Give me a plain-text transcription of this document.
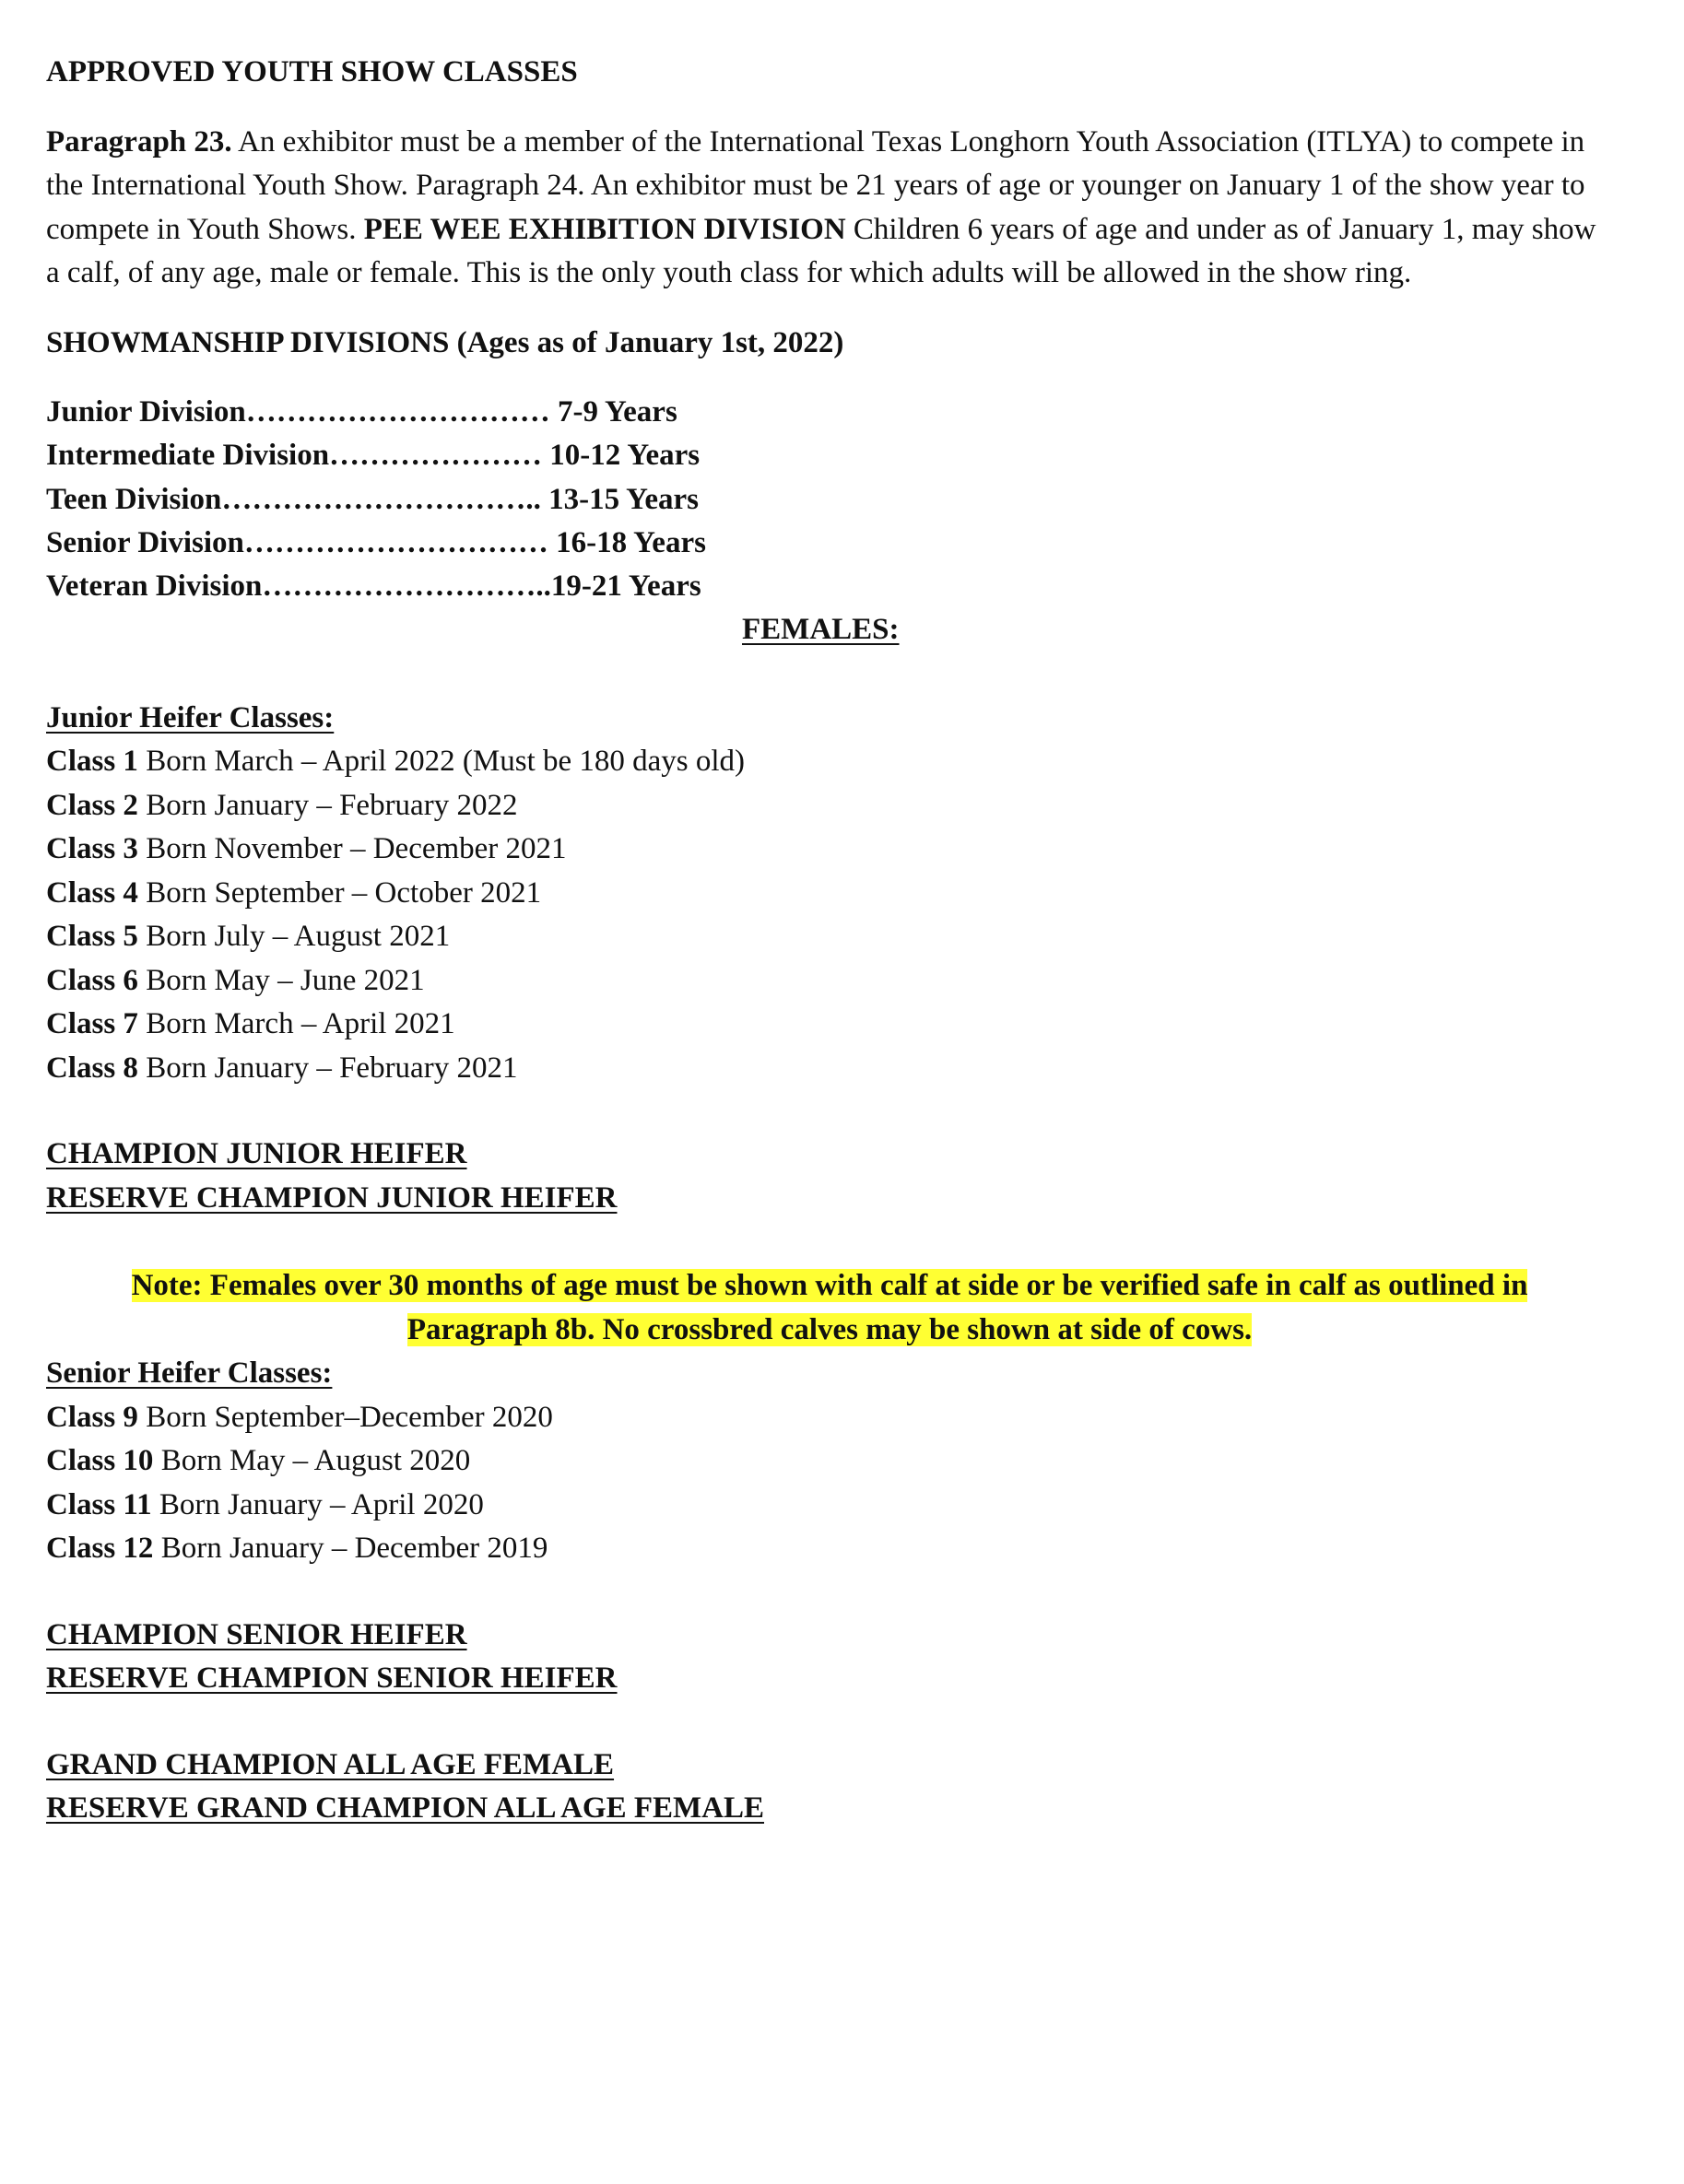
APPROVED YOUTH SHOW CLASSES

Paragraph 23. An exhibitor must be a member of the International Texas Longhorn Youth Association (ITLYA) to compete in the International Youth Show. Paragraph 24. An exhibitor must be 21 years of age or younger on January 1 of the show year to compete in Youth Shows. PEE WEE EXHIBITION DIVISION Children 6 years of age and under as of January 1, may show a calf, of any age, male or female. This is the only youth class for which adults will be allowed in the show ring.

SHOWMANSHIP DIVISIONS (Ages as of January 1st, 2022)

Junior Division………………………… 7-9 Years
Intermediate Division………………… 10-12 Years
Teen Division………………………….. 13-15 Years
Senior Division………………………… 16-18 Years
Veteran Division………………………..19-21 Years
FEMALES:
Junior Heifer Classes:
Class 1 Born March – April 2022 (Must be 180 days old)
Class 2 Born January – February 2022
Class 3 Born November – December 2021
Class 4 Born September – October 2021
Class 5 Born July – August 2021
Class 6 Born May – June 2021
Class 7 Born March – April 2021
Class 8 Born January – February 2021
CHAMPION JUNIOR HEIFER
RESERVE CHAMPION JUNIOR HEIFER

Note: Females over 30 months of age must be shown with calf at side or be verified safe in calf as outlined in
Paragraph 8b. No crossbred calves may be shown at side of cows.

Senior Heifer Classes:
Class 9 Born September–December 2020
Class 10 Born May – August 2020
Class 11 Born January – April 2020
Class 12 Born January – December 2019
CHAMPION SENIOR HEIFER
RESERVE CHAMPION SENIOR HEIFER
GRAND CHAMPION ALL AGE FEMALE
RESERVE GRAND CHAMPION ALL AGE FEMALE
